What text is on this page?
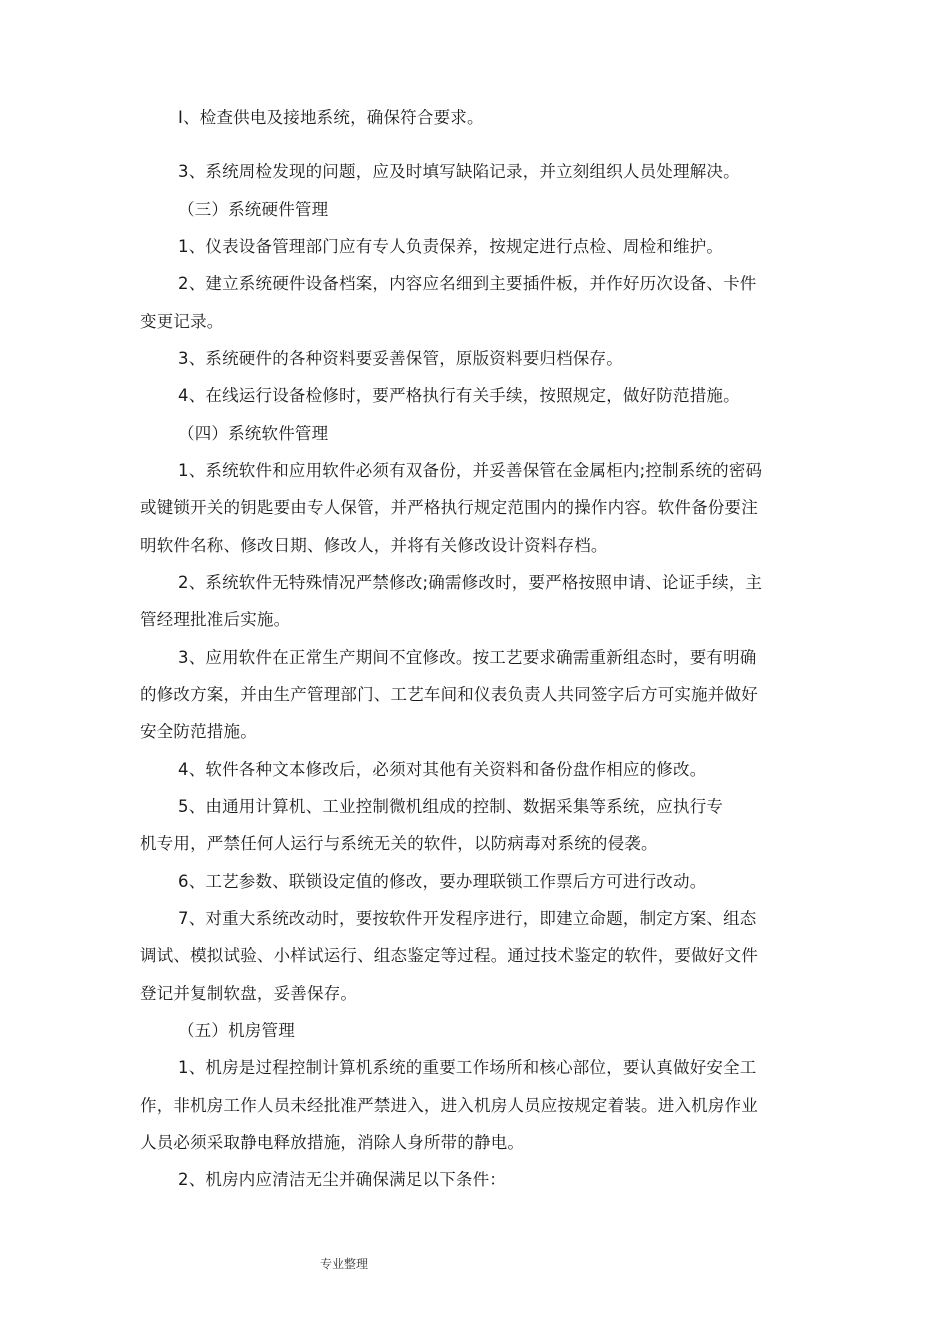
I、检查供电及接地系统，确保符合要求。
3、系统周检发现的问题，应及时填写缺陷记录，并立刻组织人员处理解决。
（三）系统硬件管理
1、仪表设备管理部门应有专人负责保养，按规定进行点检、周检和维护。
2、建立系统硬件设备档案，内容应名细到主要插件板，并作好历次设备、卡件
变更记录。
3、系统硬件的各种资料要妥善保管，原版资料要归档保存。
4、在线运行设备检修时，要严格执行有关手续，按照规定，做好防范措施。
（四）系统软件管理
1、系统软件和应用软件必须有双备份，并妥善保管在金属柜内;控制系统的密码
或键锁开关的钥匙要由专人保管，并严格执行规定范围内的操作内容。软件备份要注
明软件名称、修改日期、修改人，并将有关修改设计资料存档。
2、系统软件无特殊情况严禁修改;确需修改时，要严格按照申请、论证手续，主
管经理批准后实施。
3、应用软件在正常生产期间不宜修改。按工艺要求确需重新组态时，要有明确
的修改方案，并由生产管理部门、工艺车间和仪表负责人共同签字后方可实施并做好
安全防范措施。
4、软件各种文本修改后，必须对其他有关资料和备份盘作相应的修改。
5、由通用计算机、工业控制微机组成的控制、数据采集等系统，应执行专
机专用，严禁任何人运行与系统无关的软件，以防病毒对系统的侵袭。
6、工艺参数、联锁设定值的修改，要办理联锁工作票后方可进行改动。
7、对重大系统改动时，要按软件开发程序进行，即建立命题，制定方案、组态
调试、模拟试验、小样试运行、组态鉴定等过程。通过技术鉴定的软件，要做好文件
登记并复制软盘，妥善保存。
（五）机房管理
1、机房是过程控制计算机系统的重要工作场所和核心部位，要认真做好安全工
作，非机房工作人员未经批准严禁进入，进入机房人员应按规定着装。进入机房作业
人员必须采取静电释放措施，消除人身所带的静电。
2、机房内应清洁无尘并确保满足以下条件：
专业整理
